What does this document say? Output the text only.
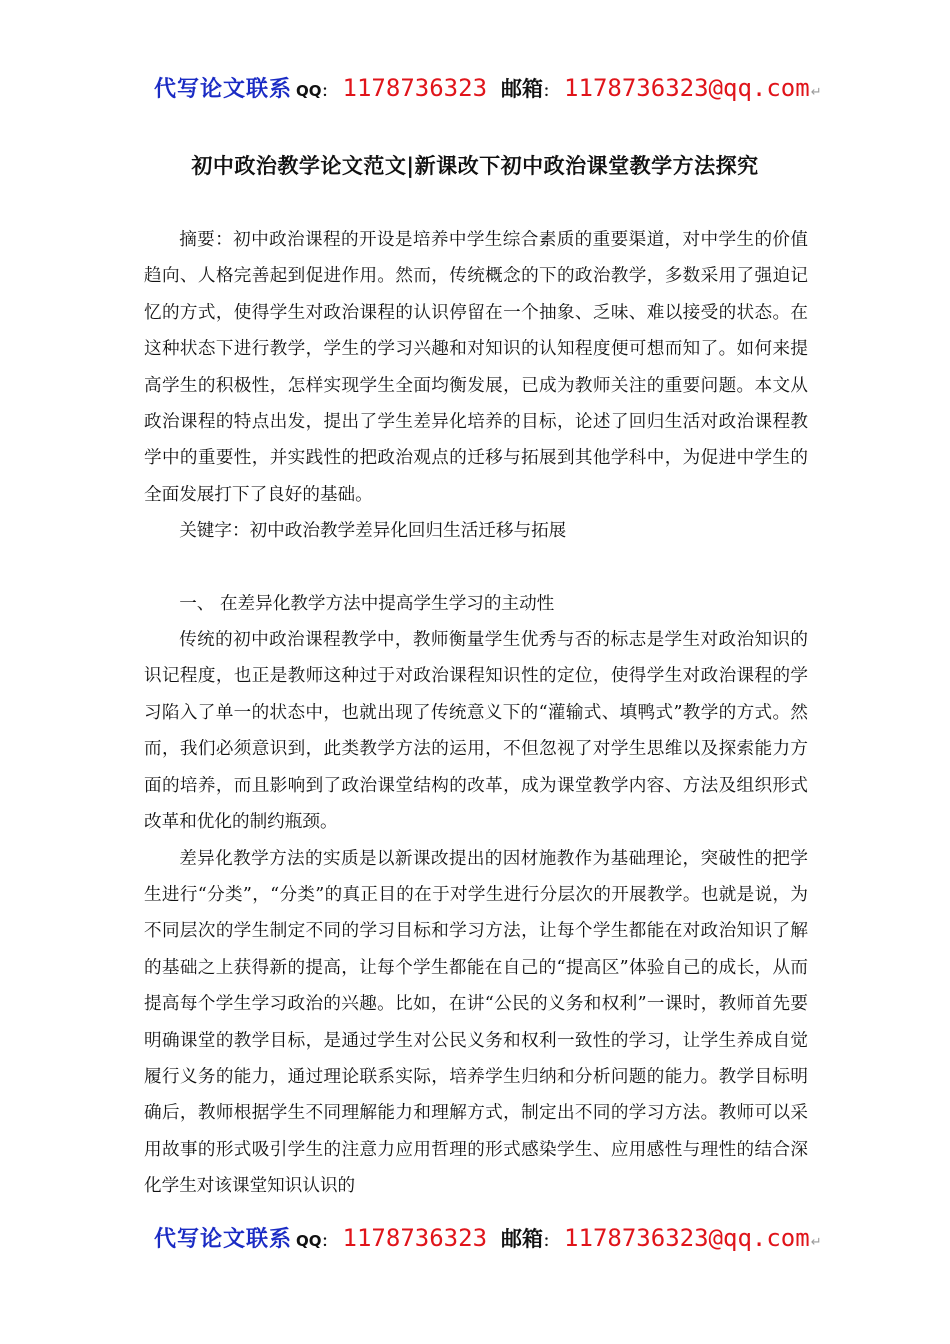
代写论文联系 QQ： 1178736323 邮箱 ： 1178736323@qq.com ↵
初中政治教学论文范文|新课改下初中政治课堂教学方法探究

摘要：初中政治课程的开设是培养中学生综合素质的重要渠道，对中学生的价值趋向、人格完善起到促进作用。然而，传统概念的下的政治教学，多数采用了强迫记忆的方式，使得学生对政治课程的认识停留在一个抽象、乏味、难以接受的状态。在这种状态下进行教学，学生的学习兴趣和对知识的认知程度便可想而知了。如何来提高学生的积极性，怎样实现学生全面均衡发展，已成为教师关注的重要问题。本文从政治课程的特点出发，提出了学生差异化培养的目标，论述了回归生活对政治课程教学中的重要性，并实践性的把政治观点的迁移与拓展到其他学科中，为促进中学生的全面发展打下了良好的基础。

关键字：初中政治教学差异化回归生活迁移与拓展

一、 在差异化教学方法中提高学生学习的主动性

传统的初中政治课程教学中，教师衡量学生优秀与否的标志是学生对政治知识的识记程度，也正是教师这种过于对政治课程知识性的定位，使得学生对政治课程的学习陷入了单一的状态中，也就出现了传统意义下的“灌输式、填鸭式”教学的方式。然而，我们必须意识到，此类教学方法的运用，不但忽视了对学生思维以及探索能力方面的培养，而且影响到了政治课堂结构的改革，成为课堂教学内容、方法及组织形式改革和优化的制约瓶颈。

差异化教学方法的实质是以新课改提出的因材施教作为基础理论，突破性的把学生进行“分类”，“分类”的真正目的在于对学生进行分层次的开展教学。也就是说，为不同层次的学生制定不同的学习目标和学习方法，让每个学生都能在对政治知识了解的基础之上获得新的提高，让每个学生都能在自己的“提高区”体验自己的成长，从而提高每个学生学习政治的兴趣。比如，在讲“公民的义务和权利”一课时，教师首先要明确课堂的教学目标，是通过学生对公民义务和权利一致性的学习，让学生养成自觉履行义务的能力，通过理论联系实际，培养学生归纳和分析问题的能力。教学目标明确后，教师根据学生不同理解能力和理解方式，制定出不同的学习方法。教师可以采用故事的形式吸引学生的注意力应用哲理的形式感染学生、应用感性与理性的结合深化学生对该课堂知识认识的

代写论文联系 QQ： 1178736323 邮箱 ： 1178736323@qq.com ↵
